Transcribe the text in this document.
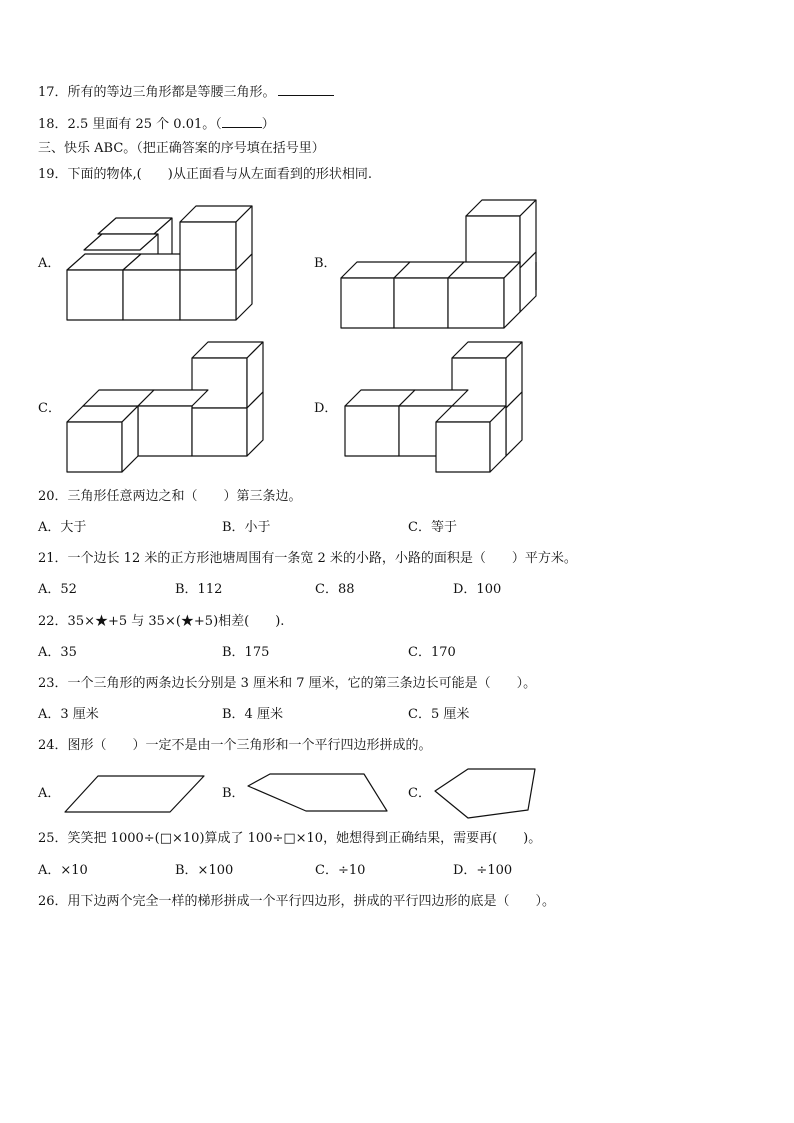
17．所有的等边三角形都是等腰三角形。
18．2.5 里面有 25 个 0.01。（	）
三、快乐 ABC。（把正确答案的序号填在括号里）
19．下面的物体,(　　)从正面看与从左面看到的形状相同.
A．	B．
C．	D．
20．三角形任意两边之和（　　）第三条边。
A．大于	B．小于	C．等于
21．一个边长 12 米的正方形池塘周围有一条宽 2 米的小路，小路的面积是（　　）平方米。
A．52	B．112	C．88	D．100
22．35×★+5 与 35×(★+5)相差(　　).
A．35	B．175	C．170
23．一个三角形的两条边长分别是 3 厘米和 7 厘米，它的第三条边长可能是（　　）。
A．3 厘米	B．4 厘米	C．5 厘米
24．图形（　　）一定不是由一个三角形和一个平行四边形拼成的。
A．	B．	C．
25．笑笑把 1000÷(□×10)算成了 100÷□×10，她想得到正确结果，需要再(　　)。
A．×10	B．×100	C．÷10	D．÷100
26．用下边两个完全一样的梯形拼成一个平行四边形，拼成的平行四边形的底是（　　）。
